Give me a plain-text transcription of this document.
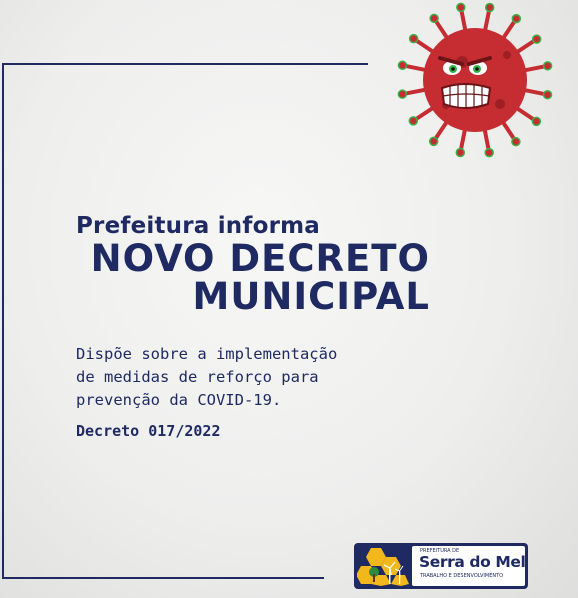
Prefeitura informa
NOVO DECRETO
MUNICIPAL
Dispõe sobre a implementação
de medidas de reforço para
prevenção da COVID-19.
Decreto 017/2022
PREFEITURA DE
Serra do Mel
TRABALHO E DESENVOLVIMENTO
